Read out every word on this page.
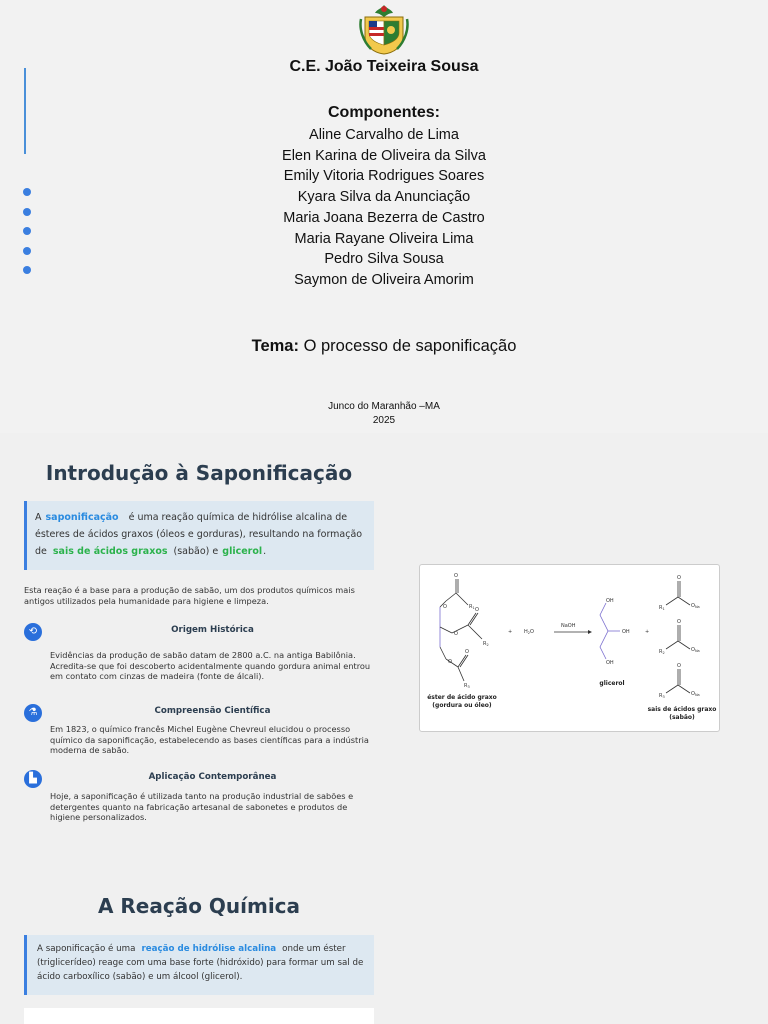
C.E. João Teixeira Sousa
Componentes:
Aline Carvalho de Lima
Elen Karina de Oliveira da Silva
Emily Vitoria Rodrigues Soares
Kyara Silva da Anunciação
Maria Joana Bezerra de Castro
Maria Rayane Oliveira Lima
Pedro Silva Sousa
Saymon de Oliveira Amorim
Tema: O processo de saponificação
Junco do Maranhão –MA
2025
Introdução à Saponificação
A saponificação é uma reação química de hidrólise alcalina de ésteres de ácidos graxos (óleos e gorduras), resultando na formação de sais de ácidos graxos (sabão) e glicerol.
Esta reação é a base para a produção de sabão, um dos produtos químicos mais antigos utilizados pela humanidade para higiene e limpeza.
⟲	Origem Histórica
Evidências da produção de sabão datam de 2800 a.C. na antiga Babilônia. Acredita-se que foi descoberto acidentalmente quando gordura animal entrou em contato com cinzas de madeira (fonte de álcali).
⚗	Compreensão Científica
Em 1823, o químico francês Michel Eugène Chevreul elucidou o processo químico da saponificação, estabelecendo as bases científicas para a indústria moderna de sabão.
▙	Aplicação Contemporânea
Hoje, a saponificação é utilizada tanto na produção industrial de sabões e detergentes quanto na fabricação artesanal de sabonetes e produtos de higiene personalizados.
O
O	$R_1$ O
O
$R_2$
O
O
$R_3$
+ $H_2O$
NaOH
+
OH
OH
OH
O
$R_1$	$O_{Na}$
O
$R_2$	$O_{Na}$
O
$R_3$	$O_{Na}$
éster de ácido graxo
(gordura ou óleo)
glicerol
sais de ácidos graxo
(sabão)
A Reação Química
A saponificação é uma reação de hidrólise alcalina onde um éster (triglicerídeo) reage com uma base forte (hidróxido) para formar um sal de ácido carboxílico (sabão) e um álcool (glicerol).
